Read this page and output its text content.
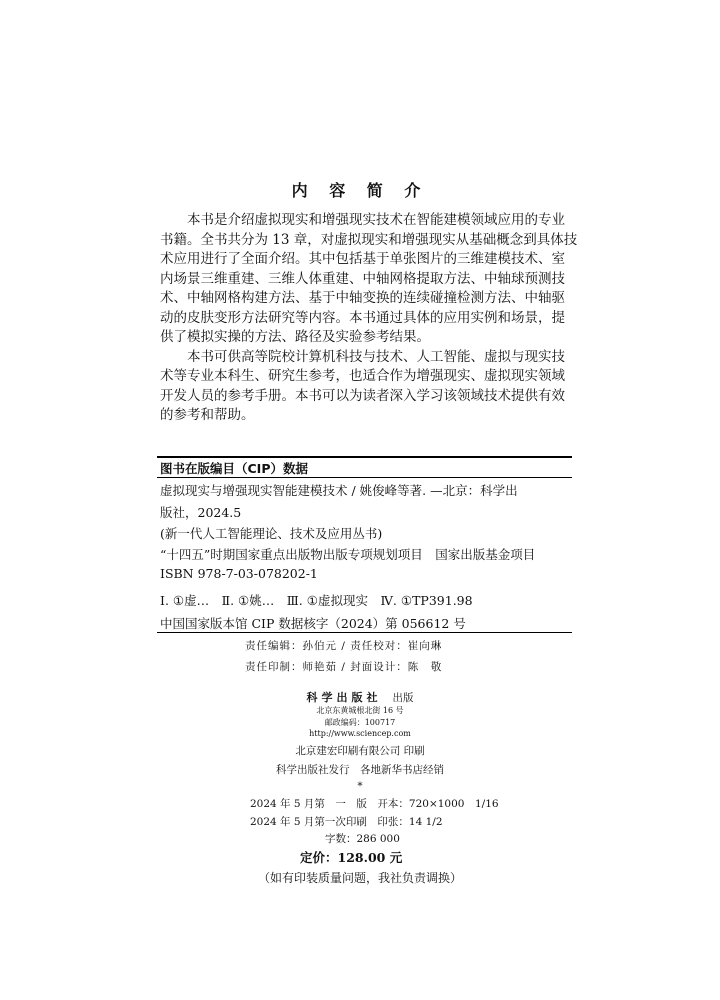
内 容 简 介
　　本书是介绍虚拟现实和增强现实技术在智能建模领域应用的专业
书籍。全书共分为 13 章，对虚拟现实和增强现实从基础概念到具体技
术应用进行了全面介绍。其中包括基于单张图片的三维建模技术、室
内场景三维重建、三维人体重建、中轴网格提取方法、中轴球预测技
术、中轴网格构建方法、基于中轴变换的连续碰撞检测方法、中轴驱
动的皮肤变形方法研究等内容。本书通过具体的应用实例和场景，提
供了模拟实操的方法、路径及实验参考结果。
　　本书可供高等院校计算机科技与技术、人工智能、虚拟与现实技
术等专业本科生、研究生参考，也适合作为增强现实、虚拟现实领域
开发人员的参考手册。本书可以为读者深入学习该领域技术提供有效
的参考和帮助。
图书在版编目（CIP）数据
虚拟现实与增强现实智能建模技术 / 姚俊峰等著. —北京：科学出
版社，2024.5
(新一代人工智能理论、技术及应用丛书)
“十四五”时期国家重点出版物出版专项规划项目　国家出版基金项目
ISBN 978-7-03-078202-1
Ⅰ. ①虚…　Ⅱ. ①姚…　Ⅲ. ①虚拟现实　Ⅳ. ①TP391.98
中国国家版本馆 CIP 数据核字（2024）第 056612 号
责任编辑：孙伯元 / 责任校对：崔向琳
责任印制：师艳茹 / 封面设计：陈　敬
科学出版社 出版
北京东黄城根北街 16 号
邮政编码：100717
http://www.sciencep.com
北京建宏印刷有限公司 印刷
科学出版社发行　各地新华书店经销
*
2024 年 5 月第　一　版　开本：720×1000　1/16
2024 年 5 月第一次印刷　印张：14 1/2
字数：286 000
定价：128.00 元
（如有印装质量问题，我社负责调换）
